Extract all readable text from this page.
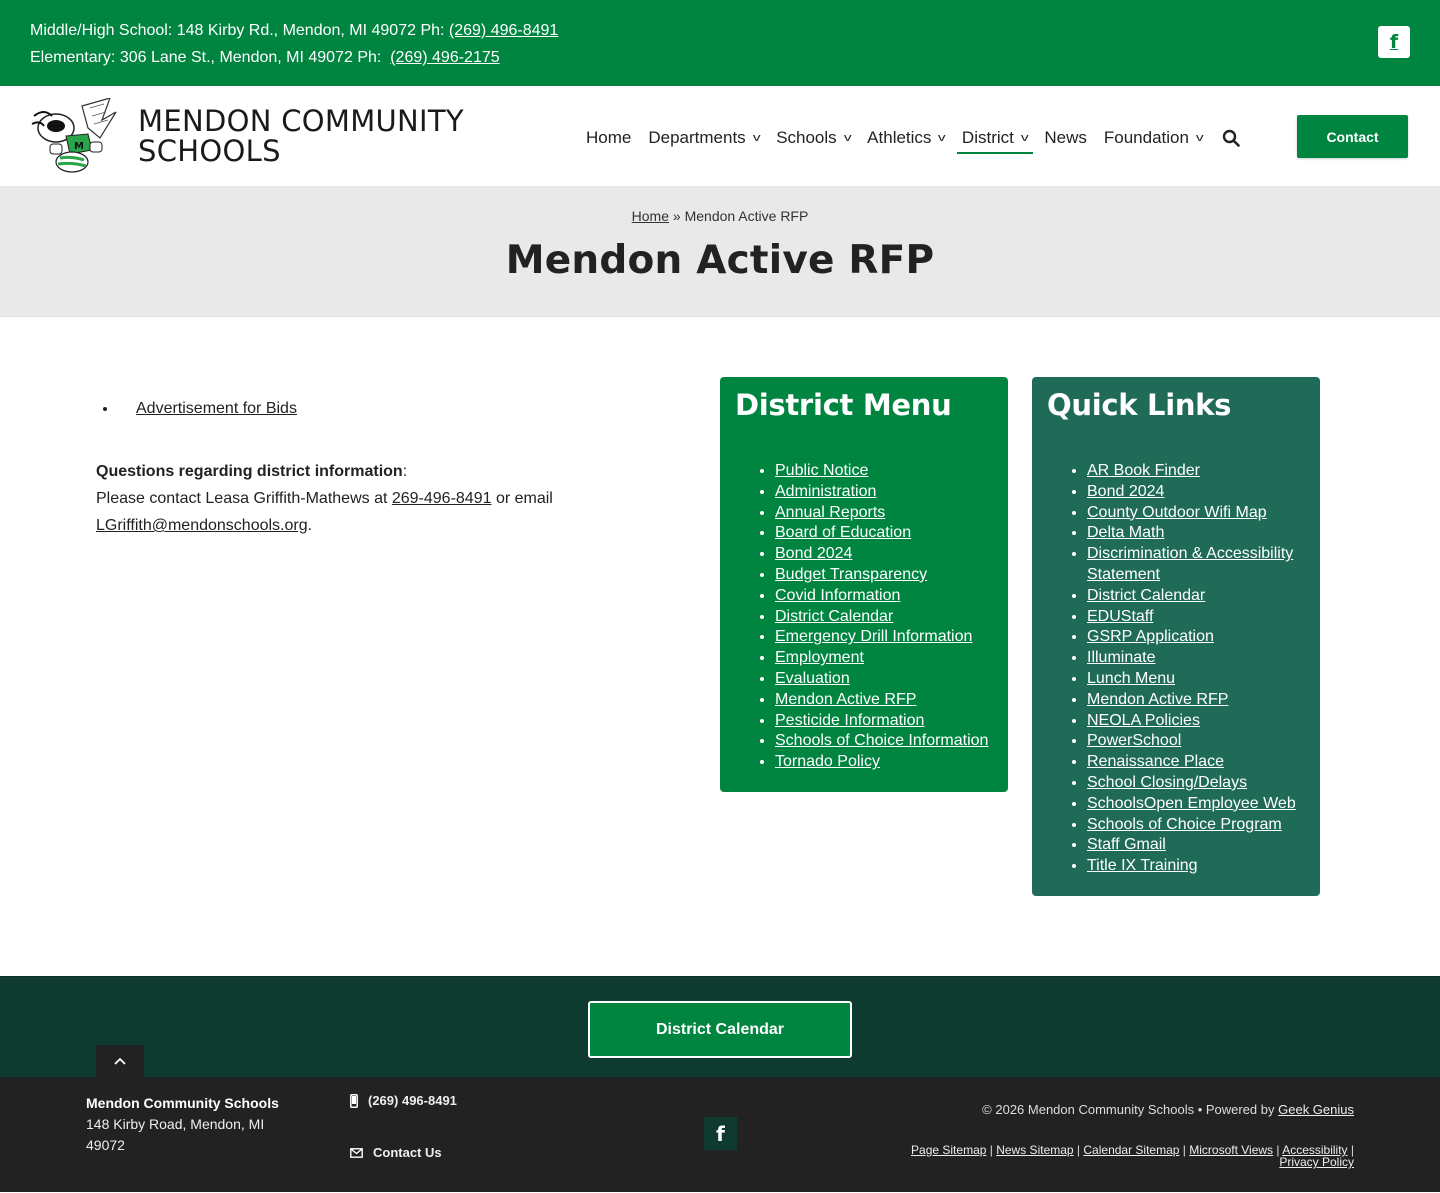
Middle/High School: 148 Kirby Rd., Mendon, MI 49072 Ph: (269) 496-8491
Elementary: 306 Lane St., Mendon, MI 49072 Ph:  (269) 496-2175
f
M
MENDON COMMUNITY
SCHOOLS	Home Departments v Schools v Athletics v District v News Foundation v	Contact
Home » Mendon Active RFP
Mendon Active RFP
• Advertisement for Bids

Questions regarding district information:
Please contact Leasa Griffith-Mathews at 269-496-8491 or email
LGriffith@mendonschools.org.

District Menu
• Public Notice
• Administration
• Annual Reports
• Board of Education
• Bond 2024
• Budget Transparency
• Covid Information
• District Calendar
• Emergency Drill Information
• Employment
• Evaluation
• Mendon Active RFP
• Pesticide Information
• Schools of Choice Information
• Tornado Policy
Quick Links
• AR Book Finder
• Bond 2024
• County Outdoor Wifi Map
• Delta Math
• Discrimination & Accessibility Statement
• District Calendar
• EDUStaff
• GSRP Application
• Illuminate
• Lunch Menu
• Mendon Active RFP
• NEOLA Policies
• PowerSchool
• Renaissance Place
• School Closing/Delays
• SchoolsOpen Employee Web
• Schools of Choice Program
• Staff Gmail
• Title IX Training
District Calendar
Mendon Community Schools
148 Kirby Road, Mendon, MI
49072
(269) 496-8491
Contact Us
f
© 2026 Mendon Community Schools • Powered by Geek Genius
Page Sitemap | News Sitemap | Calendar Sitemap | Microsoft Views | Accessibility |
Privacy Policy
